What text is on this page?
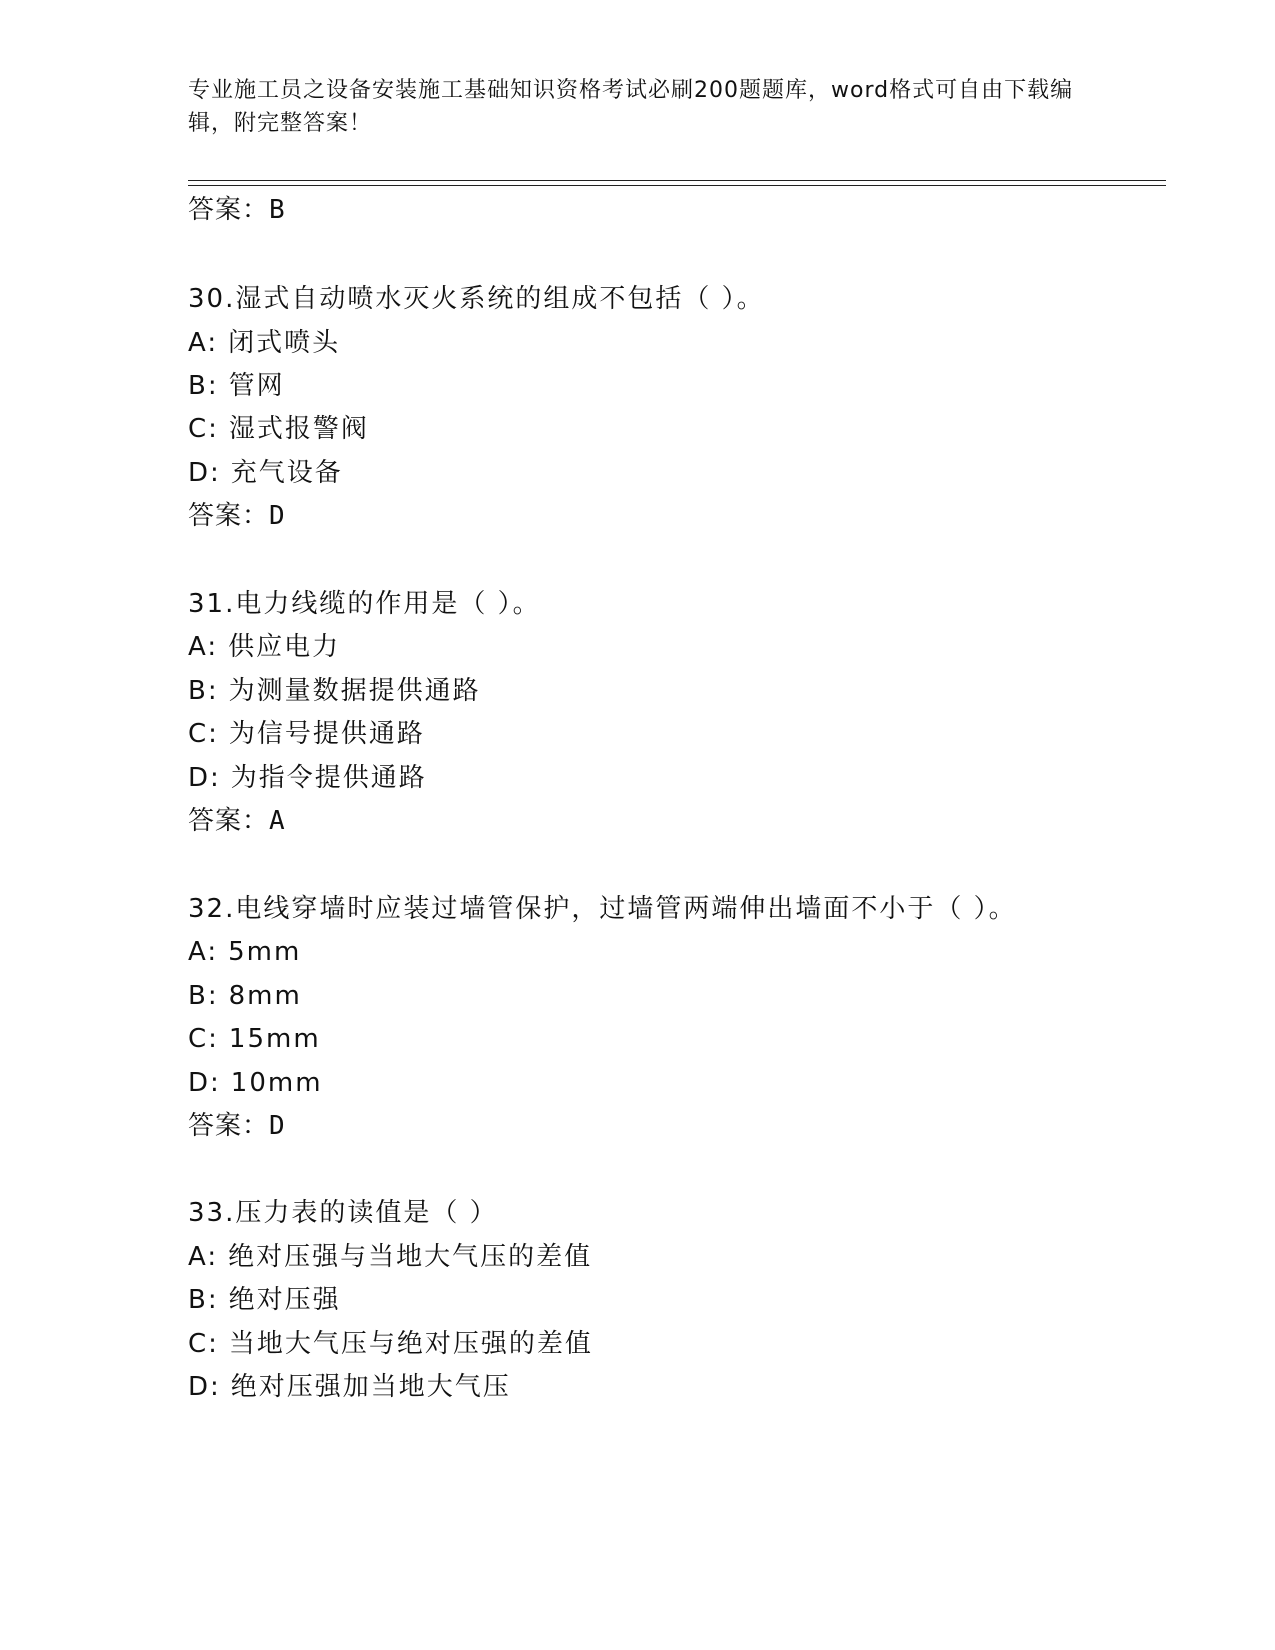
专业施工员之设备安装施工基础知识资格考试必刷200题题库，word格式可自由下载编辑，附完整答案！
答案：B
30.湿式自动喷水灭火系统的组成不包括（ ）。
A: 闭式喷头
B: 管网
C: 湿式报警阀
D: 充气设备
答案：D
31.电力线缆的作用是（ ）。
A: 供应电力
B: 为测量数据提供通路
C: 为信号提供通路
D: 为指令提供通路
答案：A
32.电线穿墙时应装过墙管保护，过墙管两端伸出墙面不小于（ ）。
A: 5mm
B: 8mm
C: 15mm
D: 10mm
答案：D
33.压力表的读值是（ ）
A: 绝对压强与当地大气压的差值
B: 绝对压强
C: 当地大气压与绝对压强的差值
D: 绝对压强加当地大气压
